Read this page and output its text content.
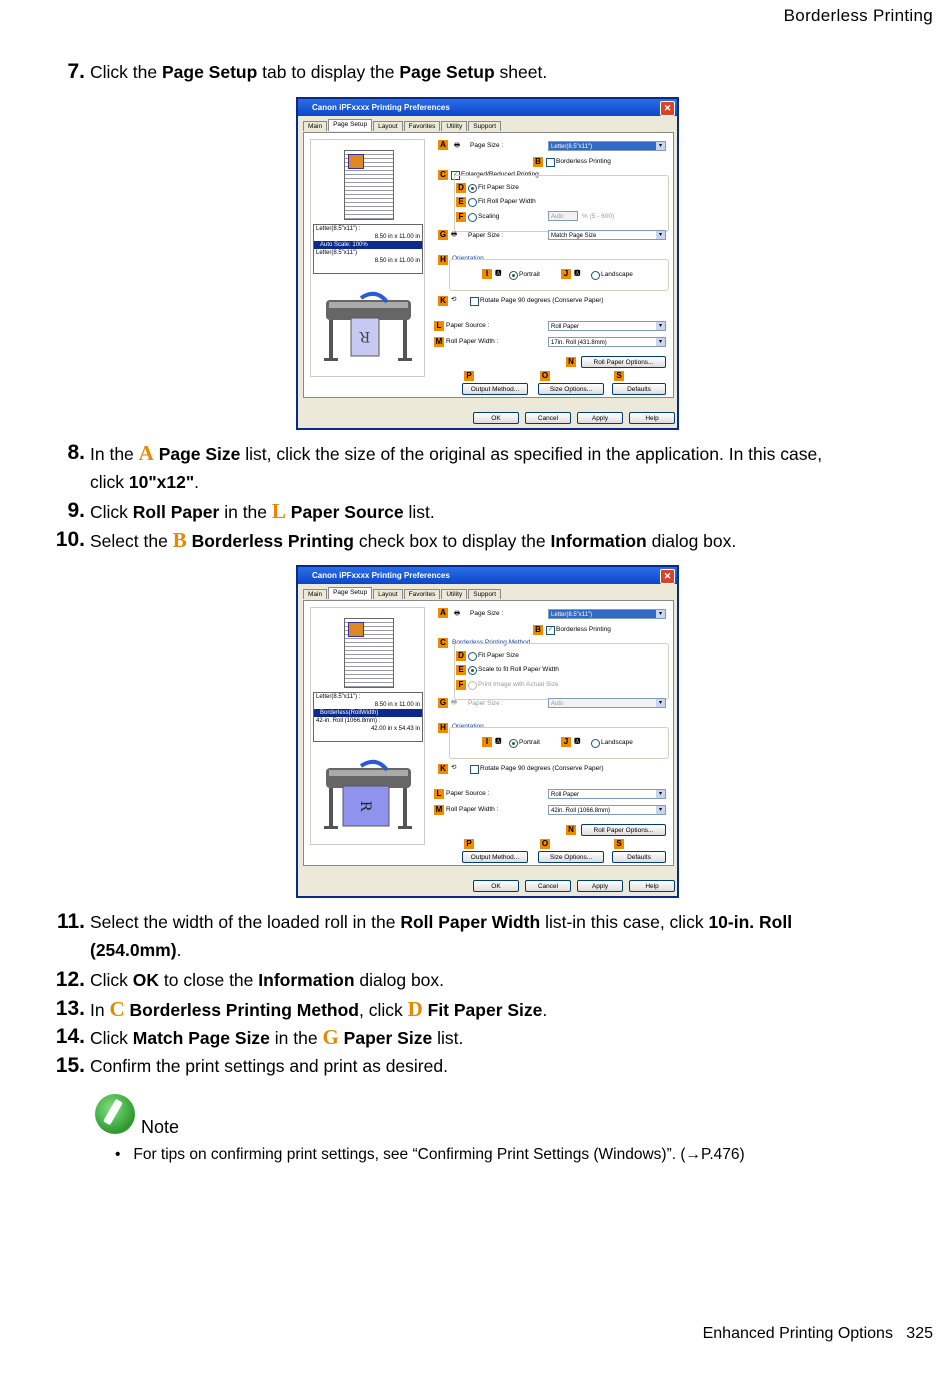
Borderless Printing
7. Click the Page Setup tab to display the Page Setup sheet.
Canon iPFxxxx Printing Preferences	✕
Main	Page Setup	Layout	Favorites	Utility	Support
Letter(8.5"x11") :
8.50 in x 11.00 in
Auto Scale: 100%
Letter(8.5"x11")
8.50 in x 11.00 in
R
A	🖶 Page Size :	Letter(8.5"x11")	▾
B	Borderless Printing
C	✓ Enlarged/Reduced Printing
D	Fit Paper Size
E	Fit Roll Paper Width
F	Scaling	Auto	% (5 - 600)
G 🖶 Paper Size :	Match Page Size	▾
H Orientation
I	🅰	Portrait	J 🅰	Landscape
K ⟲	Rotate Page 90 degrees (Conserve Paper)
L Paper Source :	Roll Paper	▾
M Roll Paper Width :	17in. Roll (431.8mm)	▾
N	Roll Paper Options...
P	O	S
Output Method...	Size Options...	Defaults
OK	Cancel	Apply	Help
8. In the A Page Size list, click the size of the original as specified in the application. In this case,
click 10"x12".
9. Click Roll Paper in the L Paper Source list.
10. Select the B Borderless Printing check box to display the Information dialog box.
Canon iPFxxxx Printing Preferences	✕
Main	Page Setup	Layout	Favorites	Utility	Support
Letter(8.5"x11") :
8.50 in x 11.00 in
Borderless(RollWidth)
42-in. Roll (1066.8mm) :
42.00 in x 54.43 in
R
A	🖶 Page Size :	Letter(8.5"x11")	▾
B	✓ Borderless Printing
C Borderless Printing Method
D	Fit Paper Size
E	Scale to fit Roll Paper Width
F	Print Image with Actual Size
G 🖶 Paper Size :	Auto	▾
H Orientation
I	🅰	Portrait	J 🅰	Landscape
K ⟲	Rotate Page 90 degrees (Conserve Paper)
L Paper Source :	Roll Paper	▾
M Roll Paper Width :	42in. Roll (1066.8mm)	▾
N	Roll Paper Options...
P	O	S
Output Method...	Size Options...	Defaults
OK	Cancel	Apply	Help
11. Select the width of the loaded roll in the Roll Paper Width list-in this case, click 10-in. Roll
(254.0mm).
12. Click OK to close the Information dialog box.
13. In C Borderless Printing Method, click D Fit Paper Size.
14. Click Match Page Size in the G Paper Size list.
15. Confirm the print settings and print as desired.
Note
• For tips on confirming print settings, see “Confirming Print Settings (Windows)”. (→P.476)
Enhanced Printing Options 325
